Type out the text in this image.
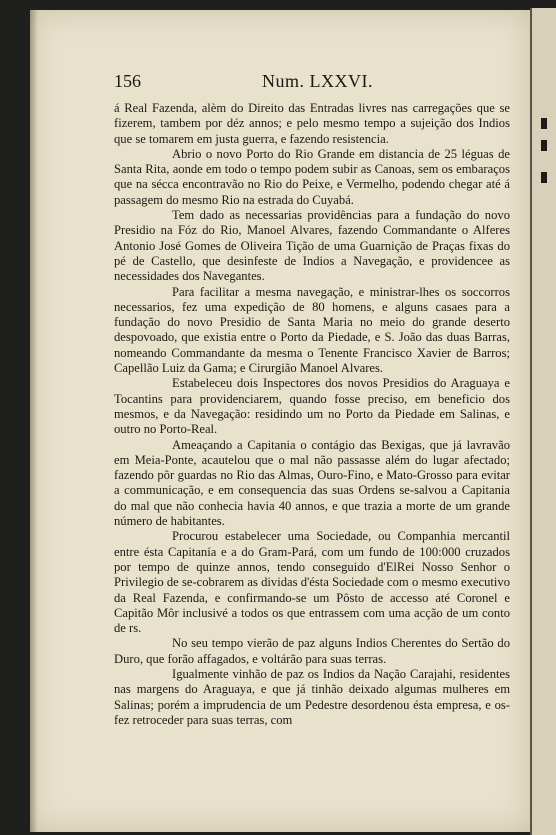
156	Num. LXXVI.

á Real Fazenda, alèm do Direito das Entradas livres nas carregações que se fizerem, tambem por déz annos; e pelo mesmo tempo a sujeição dos Indios que se tomarem em justa guerra, e fazendo resistencia.

Abrio o novo Porto do Rio Grande em distancia de 25 léguas de Santa Rita, aonde em todo o tempo podem subir as Canoas, sem os embaraços que na sécca encontravão no Rio do Peixe, e Vermelho, podendo chegar até á passagem do mesmo Rio na estrada do Cuyabá.

Tem dado as necessarias providências para a fundação do novo Presidio na Fóz do Rio, Manoel Alvares, fazendo Commandante o Alferes Antonio José Gomes de Oliveira Tição de uma Guarnição de Praças fixas do pé de Castello, que desinfeste de Indios a Navegação, e providencee as necessidades dos Navegantes.

Para facilitar a mesma navegação, e ministrar-lhes os soccorros necessarios, fez uma expedição de 80 homens, e alguns casaes para a fundação do novo Presidio de Santa Maria no meio do grande deserto despovoado, que existia entre o Porto da Piedade, e S. João das duas Barras, nomeando Commandante da mesma o Tenente Francisco Xavier de Barros; Capellão Luiz da Gama; e Cirurgião Manoel Alvares.

Estabeleceu dois Inspectores dos novos Presidios do Araguaya e Tocantins para providenciarem, quando fosse preciso, em beneficio dos mesmos, e da Navegação: residindo um no Porto da Piedade em Salinas, e outro no Porto-Real.

Ameaçando a Capitania o contágio das Bexigas, que já lavravão em Meia-Ponte, acautelou que o mal não passasse além do lugar afectado; fazendo pôr guardas no Rio das Almas, Ouro-Fino, e Mato-Grosso para evitar a communicação, e em consequencia das suas Ordens se-salvou a Capitania do mal que não conhecia havia 40 annos, e que trazia a morte de um grande número de habitantes.

Procurou estabelecer uma Sociedade, ou Companhia mercantil entre ésta Capitanía e a do Gram-Pará, com um fundo de 100:000 cruzados por tempo de quinze annos, tendo conseguido d'ElRei Nosso Senhor o Privilegio de se-cobrarem as dividas d'ésta Sociedade com o mesmo executivo da Real Fazenda, e confirmando-se um Pôsto de accesso até Coronel e Capitão Môr inclusivé a todos os que entrassem com uma acção de um conto de rs.

No seu tempo vierão de paz alguns Indios Cherentes do Sertão do Duro, que forão affagados, e voltárão para suas terras.

Igualmente vinhão de paz os Indios da Nação Carajahi, residentes nas margens do Araguaya, e que já tinhão deixado algumas mulheres em Salinas; porém a imprudencia de um Pedestre desordenou ésta empresa, e os-fez retroceder para suas terras, com
